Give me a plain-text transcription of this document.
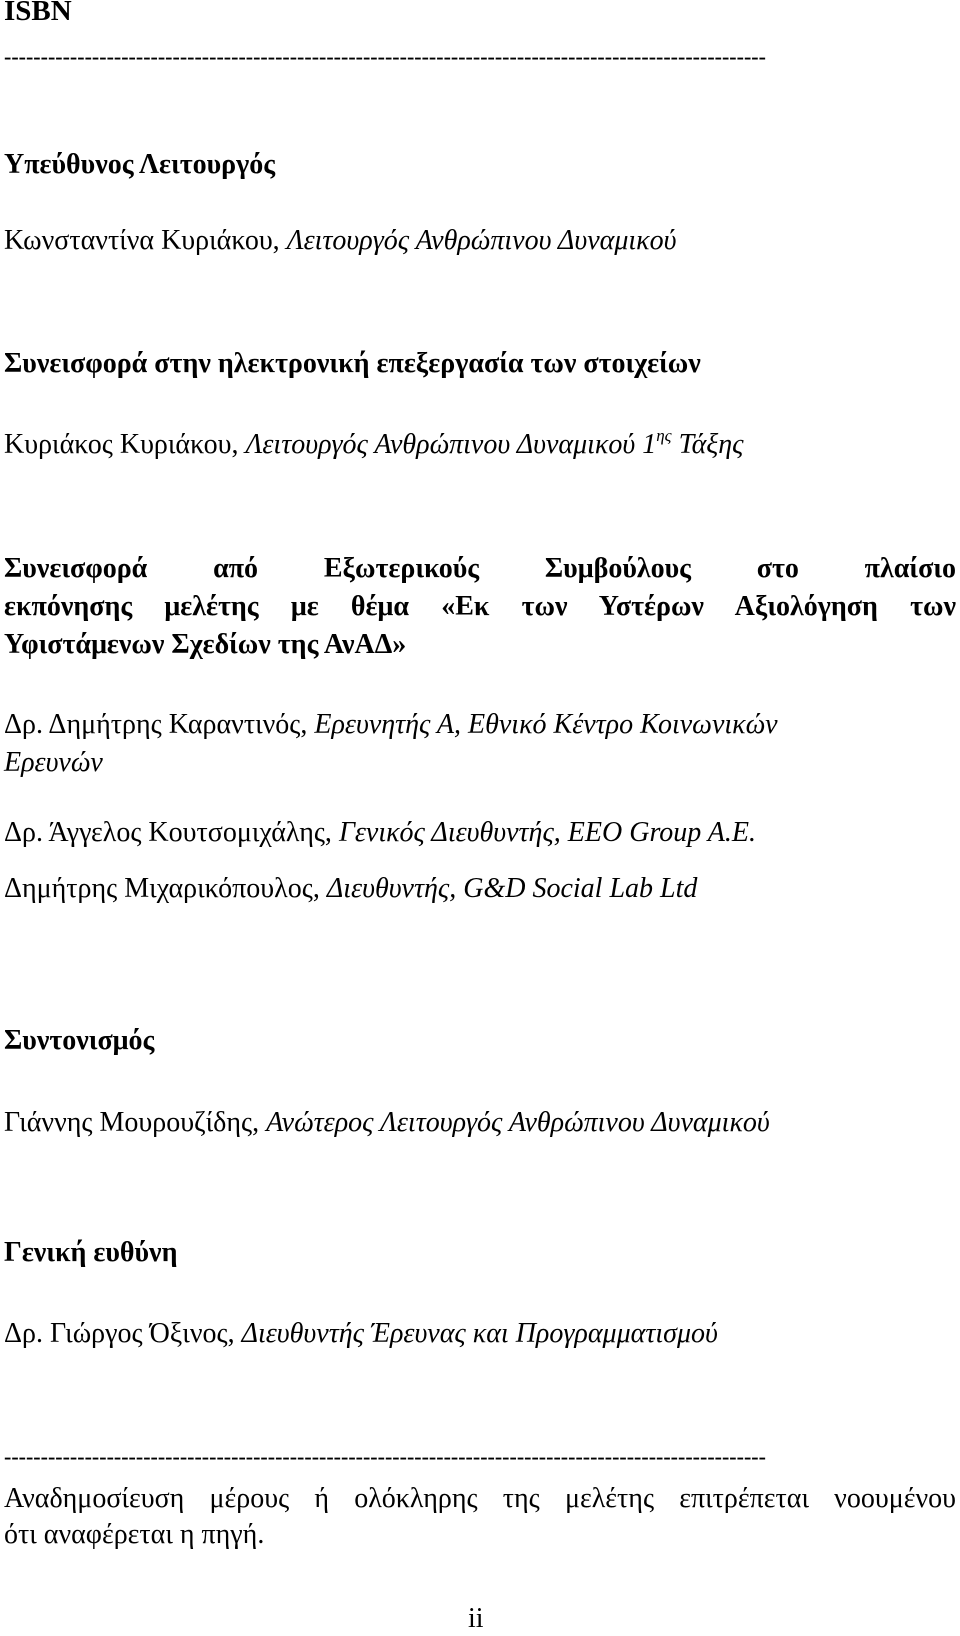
ISBN
--------------------------------------------------------------------------------------------------------
Υπεύθυνος Λειτουργός
Κωνσταντίνα Κυριάκου, Λειτουργός Ανθρώπινου Δυναμικού
Συνεισφορά στην ηλεκτρονική επεξεργασία των στοιχείων
Κυριάκος Κυριάκου, Λειτουργός Ανθρώπινου Δυναμικού $1^{\eta\varsigma}$ Τάξης
Συνεισφορά από Εξωτερικούς Συμβούλους στο πλαίσιο
εκπόνησης μελέτης με θέμα «Εκ των Υστέρων Αξιολόγηση των
Υφιστάμενων Σχεδίων της ΑνΑΔ»
Δρ. Δημήτρης Καραντινός, Ερευνητής Α, Εθνικό Κέντρο Κοινωνικών
Ερευνών
Δρ. Άγγελος Κουτσομιχάλης, Γενικός Διευθυντής, EEO Group A.E.
Δημήτρης Μιχαρικόπουλος, Διευθυντής, G&D Social Lab Ltd
Συντονισμός
Γιάννης Μουρουζίδης, Ανώτερος Λειτουργός Ανθρώπινου Δυναμικού
Γενική ευθύνη
Δρ. Γιώργος Όξινος, Διευθυντής Έρευνας και Προγραμματισμού
--------------------------------------------------------------------------------------------------------
Αναδημοσίευση μέρους ή ολόκληρης της μελέτης επιτρέπεται νοουμένου
ότι αναφέρεται η πηγή.
ii
